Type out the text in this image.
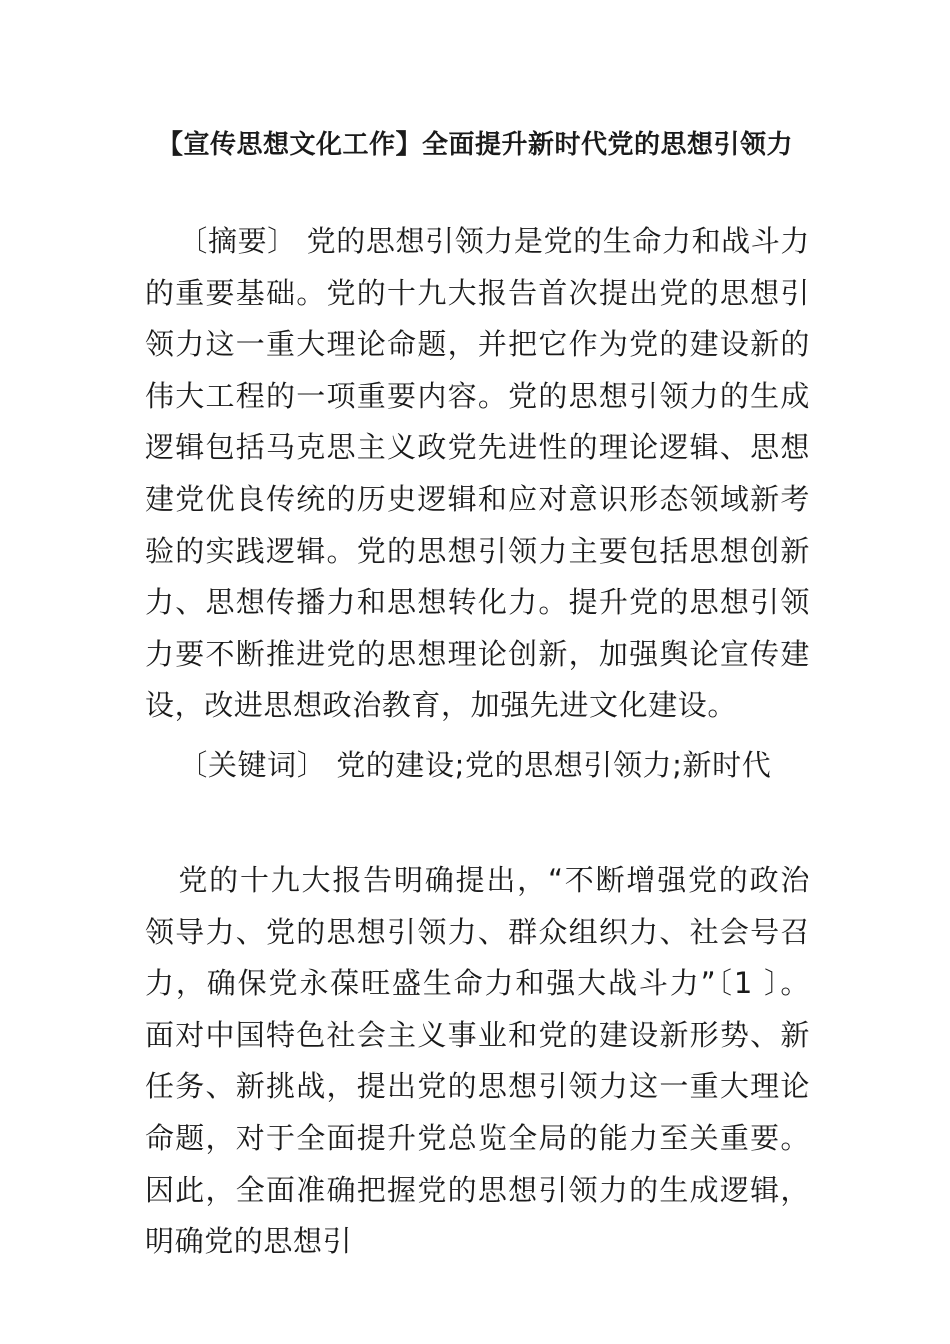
【宣传思想文化工作】全面提升新时代党的思想引领力

〔摘要〕 党的思想引领力是党的生命力和战斗力的重要基础。党的十九大报告首次提出党的思想引领力这一重大理论命题，并把它作为党的建设新的伟大工程的一项重要内容。党的思想引领力的生成逻辑包括马克思主义政党先进性的理论逻辑、思想建党优良传统的历史逻辑和应对意识形态领域新考验的实践逻辑。党的思想引领力主要包括思想创新力、思想传播力和思想转化力。提升党的思想引领力要不断推进党的思想理论创新，加强舆论宣传建设，改进思想政治教育，加强先进文化建设。

〔关键词〕 党的建设;党的思想引领力;新时代

党的十九大报告明确提出，“不断增强党的政治领导力、党的思想引领力、群众组织力、社会号召力，确保党永葆旺盛生命力和强大战斗力”〔1 〕。面对中国特色社会主义事业和党的建设新形势、新任务、新挑战，提出党的思想引领力这一重大理论命题，对于全面提升党总览全局的能力至关重要。因此，全面准确把握党的思想引领力的生成逻辑，明确党的思想引
